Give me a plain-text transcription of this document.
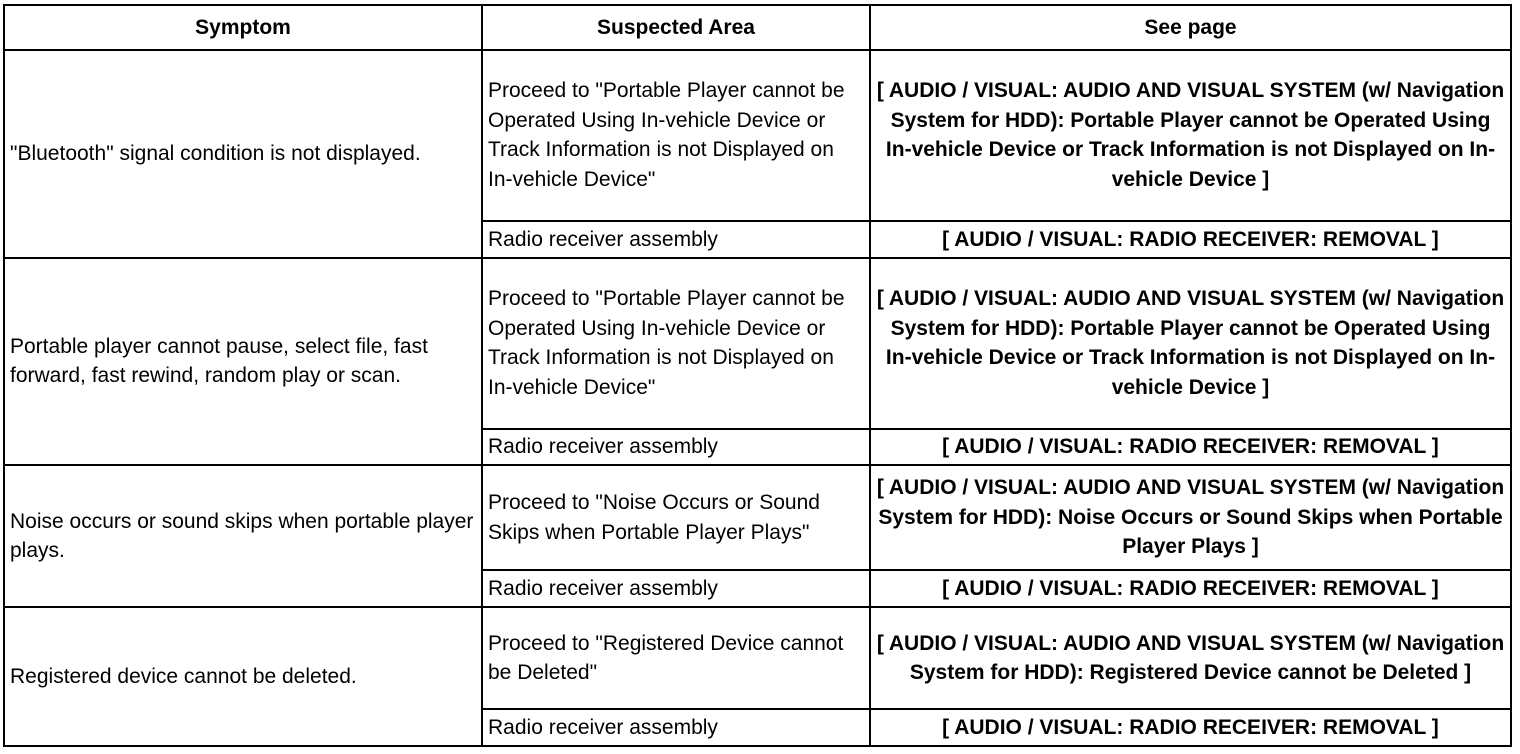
Symptom	Suspected Area	See page
"Bluetooth" signal condition is not displayed.	Proceed to "Portable Player cannot be Operated Using In-vehicle Device or Track Information is not Displayed on In-vehicle Device"	[ AUDIO / VISUAL: AUDIO AND VISUAL SYSTEM (w/ Navigation System for HDD): Portable Player cannot be Operated Using In-vehicle Device or Track Information is not Displayed on In-vehicle Device ]
	Radio receiver assembly	[ AUDIO / VISUAL: RADIO RECEIVER: REMOVAL ]
Portable player cannot pause, select file, fast forward, fast rewind, random play or scan.	Proceed to "Portable Player cannot be Operated Using In-vehicle Device or Track Information is not Displayed on In-vehicle Device"	[ AUDIO / VISUAL: AUDIO AND VISUAL SYSTEM (w/ Navigation System for HDD): Portable Player cannot be Operated Using In-vehicle Device or Track Information is not Displayed on In-vehicle Device ]
	Radio receiver assembly	[ AUDIO / VISUAL: RADIO RECEIVER: REMOVAL ]
Noise occurs or sound skips when portable player plays.	Proceed to "Noise Occurs or Sound Skips when Portable Player Plays"	[ AUDIO / VISUAL: AUDIO AND VISUAL SYSTEM (w/ Navigation System for HDD): Noise Occurs or Sound Skips when Portable Player Plays ]
	Radio receiver assembly	[ AUDIO / VISUAL: RADIO RECEIVER: REMOVAL ]
Registered device cannot be deleted.	Proceed to "Registered Device cannot be Deleted"	[ AUDIO / VISUAL: AUDIO AND VISUAL SYSTEM (w/ Navigation System for HDD): Registered Device cannot be Deleted ]
	Radio receiver assembly	[ AUDIO / VISUAL: RADIO RECEIVER: REMOVAL ]
